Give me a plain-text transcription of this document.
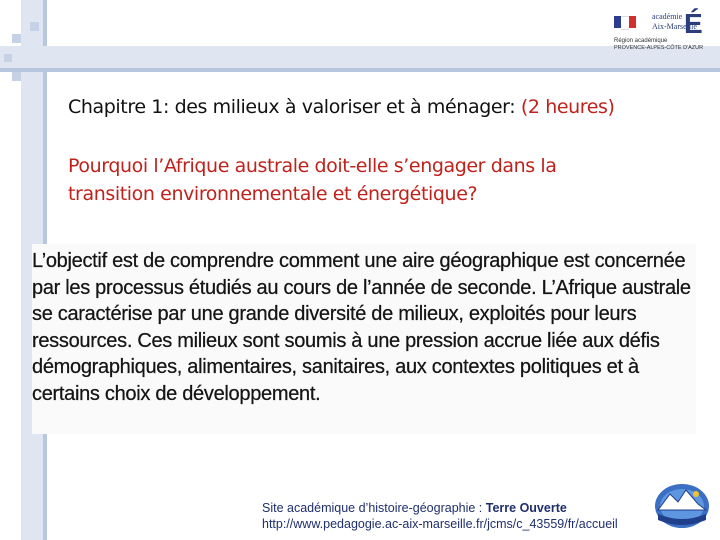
académie
Aix-Marseille
É
Région académique
PROVENCE-ALPES-CÔTE D'AZUR
Chapitre 1: des milieux à valoriser et à ménager: (2 heures)
Pourquoi l’Afrique australe doit-elle s’engager dans la transition environnementale et énergétique?
L’objectif est de comprendre comment une aire géographique est concernée par les processus étudiés au cours de l’année de seconde. L’Afrique australe se caractérise par une grande diversité de milieux, exploités pour leurs ressources. Ces milieux sont soumis à une pression accrue liée aux défis démographiques, alimentaires, sanitaires, aux contextes politiques et à certains choix de développement.
Site académique d’histoire-géographie : Terre Ouverte
http://www.pedagogie.ac-aix-marseille.fr/jcms/c_43559/fr/accueil
